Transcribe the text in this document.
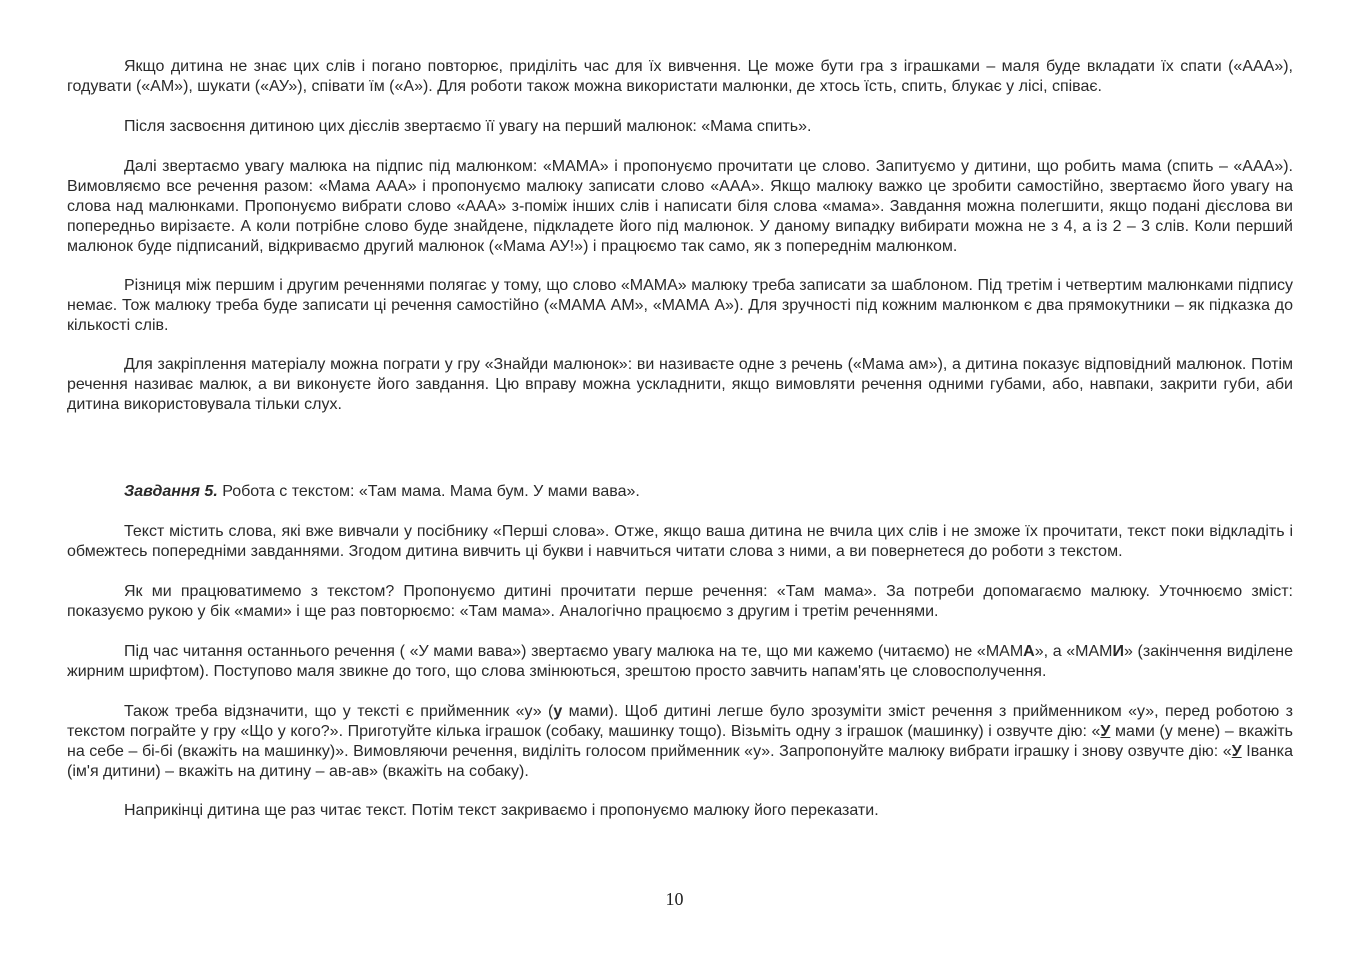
Якщо дитина не знає цих слів і погано повторює, приділіть час для їх вивчення. Це може бути гра з іграшками – маля буде вкладати їх спати («ААА»), годувати («АМ»), шукати («АУ»), співати їм («А»). Для роботи також можна використати малюнки, де хтось їсть, спить, блукає у лісі, співає.

Після засвоєння дитиною цих дієслів звертаємо її увагу на перший малюнок: «Мама спить».

Далі звертаємо увагу малюка на підпис під малюнком: «МАМА» і пропонуємо прочитати це слово. Запитуємо у дитини, що робить мама (спить – «ААА»). Вимовляємо все речення разом: «Мама ААА» і пропонуємо малюку записати слово «ААА». Якщо малюку важко це зробити самостійно, звертаємо його увагу на слова над малюнками. Пропонуємо вибрати слово «ААА» з-поміж інших слів і написати біля слова «мама». Завдання можна полегшити, якщо подані дієслова ви попередньо вирізаєте. А коли потрібне слово буде знайдене, підкладете його під малюнок. У даному випадку вибирати можна не з 4, а із 2 – 3 слів. Коли перший малюнок буде підписаний, відкриваємо другий малюнок («Мама АУ!») і працюємо так само, як з попереднім малюнком.

Різниця між першим і другим реченнями полягає у тому, що слово «МАМА» малюку треба записати за шаблоном. Під третім і четвертим малюнками підпису немає. Тож малюку треба буде записати ці речення самостійно («МАМА АМ», «МАМА А»). Для зручності під кожним малюнком є два прямокутники – як підказка до кількості слів.

Для закріплення матеріалу можна пограти у гру «Знайди малюнок»: ви називаєте одне з речень («Мама ам»), а дитина показує відповідний малюнок. Потім речення називає малюк, а ви виконуєте його завдання. Цю вправу можна ускладнити, якщо вимовляти речення одними губами, або, навпаки, закрити губи, аби дитина використовувала тільки слух.

Завдання 5. Робота с текстом: «Там мама. Мама бум. У мами вава».

Текст містить слова, які вже вивчали у посібнику «Перші слова». Отже, якщо ваша дитина не вчила цих слів і не зможе їх прочитати, текст поки відкладіть і обмежтесь попередніми завданнями. Згодом дитина вивчить ці букви і навчиться читати слова з ними, а ви повернетеся до роботи з текстом.

Як ми працюватимемо з текстом? Пропонуємо дитині прочитати перше речення: «Там мама». За потреби допомагаємо малюку. Уточнюємо зміст: показуємо рукою у бік «мами» і ще раз повторюємо: «Там мама». Аналогічно працюємо з другим і третім реченнями.

Під час читання останнього речення ( «У мами вава») звертаємо увагу малюка на те, що ми кажемо (читаємо) не «МАМА», а «МАМИ» (закінчення виділене жирним шрифтом). Поступово маля звикне до того, що слова змінюються, зрештою просто завчить напам'ять це словосполучення.

Також треба відзначити, що у тексті є прийменник «у» (у мами). Щоб дитині легше було зрозуміти зміст речення з прийменником «у», перед роботою з текстом пограйте у гру «Що у кого?». Приготуйте кілька іграшок (собаку, машинку тощо). Візьміть одну з іграшок (машинку) і озвучте дію: «У мами (у мене) – вкажіть на себе – бі-бі (вкажіть на машинку)». Вимовляючи речення, виділіть голосом прийменник «у». Запропонуйте малюку вибрати іграшку і знову озвучте дію: «У Іванка (ім'я дитини) – вкажіть на дитину – ав-ав» (вкажіть на собаку).

Наприкінці дитина ще раз читає текст. Потім текст закриваємо і пропонуємо малюку його переказати.

10
